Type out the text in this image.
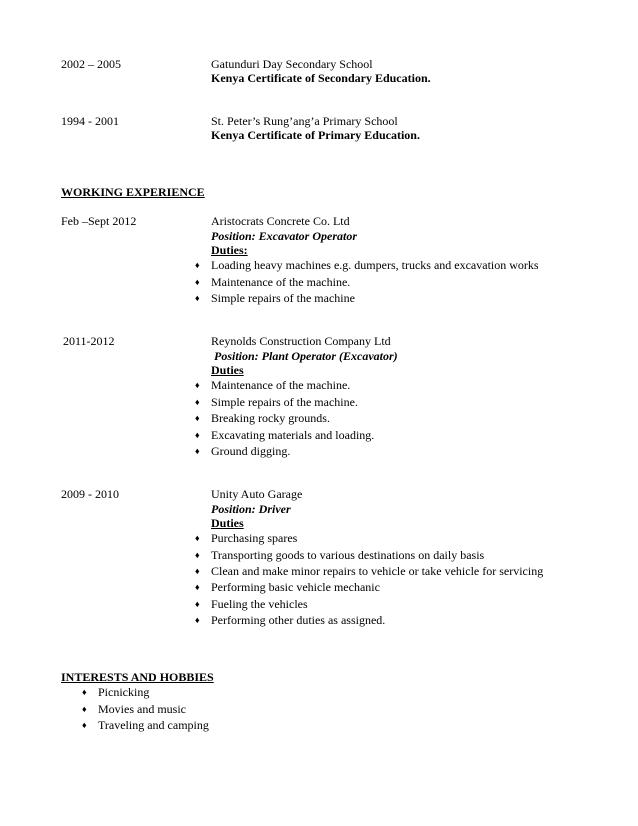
2002 – 2005	Gatunduri Day Secondary School
Kenya Certificate of Secondary Education.
1994 - 2001	St. Peter’s Rung’ang’a Primary School
Kenya Certificate of Primary Education.
WORKING EXPERIENCE
Feb –Sept 2012	Aristocrats Concrete Co. Ltd
Position: Excavator Operator
Duties:
♦ Loading heavy machines e.g. dumpers, trucks and excavation works
♦ Maintenance of the machine.
♦ Simple repairs of the machine
2011-2012	Reynolds Construction Company Ltd
Position: Plant Operator (Excavator)
Duties
♦ Maintenance of the machine.
♦ Simple repairs of the machine.
♦ Breaking rocky grounds.
♦ Excavating materials and loading.
♦ Ground digging.
2009 - 2010	Unity Auto Garage
Position: Driver
Duties
♦ Purchasing spares
♦ Transporting goods to various destinations on daily basis
♦ Clean and make minor repairs to vehicle or take vehicle for servicing
♦ Performing basic vehicle mechanic
♦ Fueling the vehicles
♦ Performing other duties as assigned.
INTERESTS AND HOBBIES
♦ Picnicking
♦ Movies and music
♦ Traveling and camping
